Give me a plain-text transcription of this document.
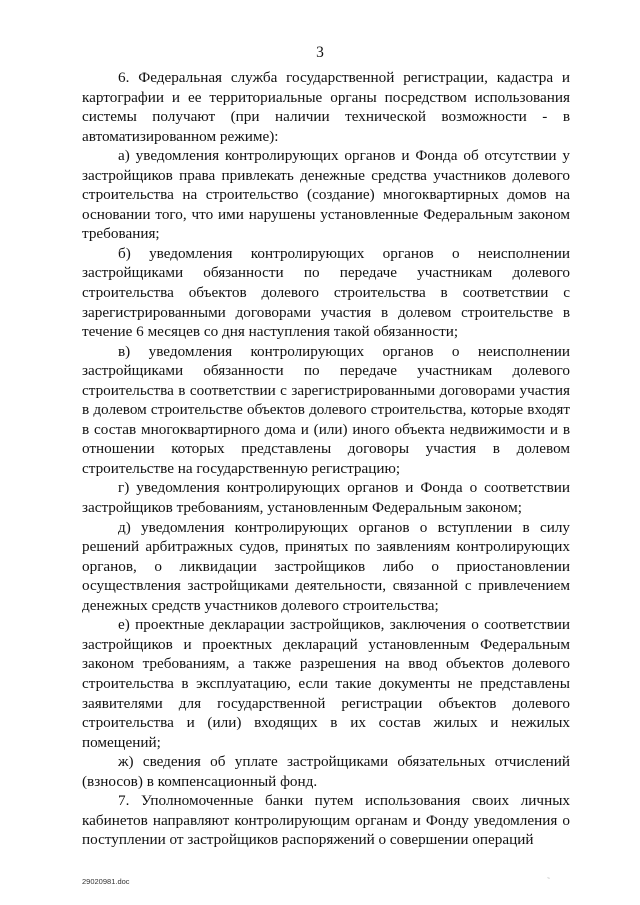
3

6. Федеральная служба государственной регистрации, кадастра и картографии и ее территориальные органы посредством использования системы получают (при наличии технической возможности - в автоматизированном режиме):

а) уведомления контролирующих органов и Фонда об отсутствии у застройщиков права привлекать денежные средства участников долевого строительства на строительство (создание) многоквартирных домов на основании того, что ими нарушены установленные Федеральным законом требования;

б) уведомления контролирующих органов о неисполнении застройщиками обязанности по передаче участникам долевого строительства объектов долевого строительства в соответствии с зарегистрированными договорами участия в долевом строительстве в течение 6 месяцев со дня наступления такой обязанности;

в) уведомления контролирующих органов о неисполнении застройщиками обязанности по передаче участникам долевого строительства в соответствии с зарегистрированными договорами участия в долевом строительстве объектов долевого строительства, которые входят в состав многоквартирного дома и (или) иного объекта недвижимости и в отношении которых представлены договоры участия в долевом строительстве на государственную регистрацию;

г) уведомления контролирующих органов и Фонда о соответствии застройщиков требованиям, установленным Федеральным законом;

д) уведомления контролирующих органов о вступлении в силу решений арбитражных судов, принятых по заявлениям контролирующих органов, о ликвидации застройщиков либо о приостановлении осуществления застройщиками деятельности, связанной с привлечением денежных средств участников долевого строительства;

е) проектные декларации застройщиков, заключения о соответствии застройщиков и проектных деклараций установленным Федеральным законом требованиям, а также разрешения на ввод объектов долевого строительства в эксплуатацию, если такие документы не представлены заявителями для государственной регистрации объектов долевого строительства и (или) входящих в их состав жилых и нежилых помещений;

ж) сведения об уплате застройщиками обязательных отчислений (взносов) в компенсационный фонд.

7. Уполномоченные банки путем использования своих личных кабинетов направляют контролирующим органам и Фонду уведомления о поступлении от застройщиков распоряжений о совершении операций

29020981.doc	~
